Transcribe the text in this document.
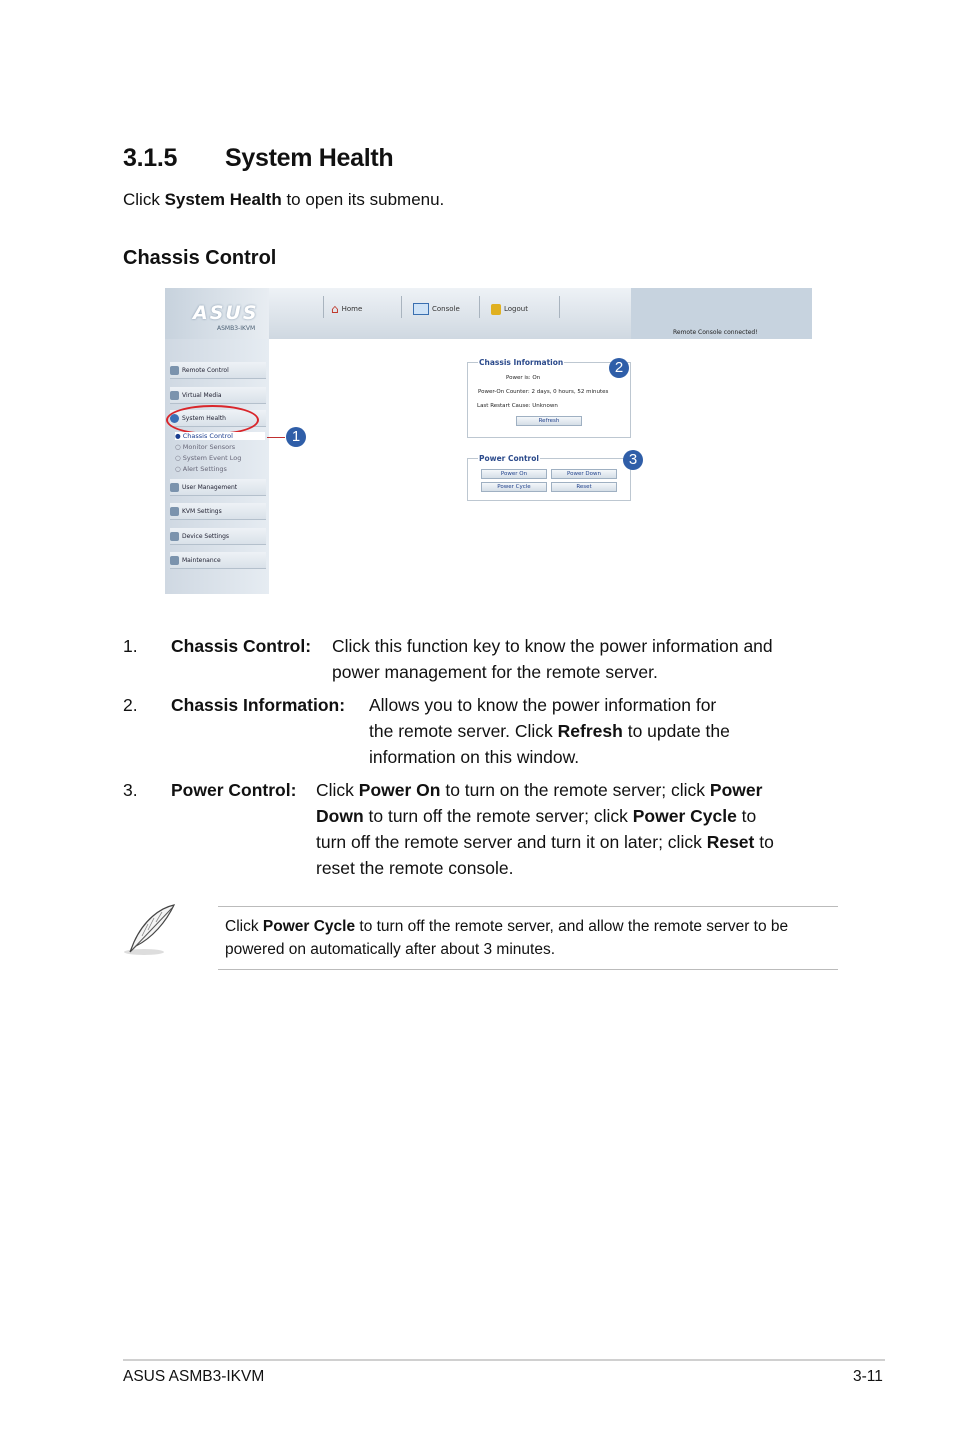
3.1.5 System Health
Click System Health to open its submenu.
Chassis Control
ASUS
ASMB3-IKVM
⌂ Home	Console	Logout
Remote Console connected!
Remote Control
Virtual Media
System Health
● Chassis Control
○ Monitor Sensors
○ System Event Log
○ Alert Settings
User Management
KVM Settings
Device Settings
Maintenance
Chassis Information
Power is: On
Power-On Counter: 2 days, 0 hours, 52 minutes
Last Restart Cause: Unknown
Refresh
Power Control
Power On	Power Down
Power Cycle	Reset
1
2
3
1. Chassis Control: Click this function key to know the power information and
power management for the remote server.
2. Chassis Information: Allows you to know the power information for
the remote server. Click Refresh to update the
information on this window.
3. Power Control: Click Power On to turn on the remote server; click Power
Down to turn off the remote server; click Power Cycle to
turn off the remote server and turn it on later; click Reset to
reset the remote console.
Click Power Cycle to turn off the remote server, and allow the remote server to be powered on automatically after about 3 minutes.
ASUS ASMB3-IKVM	3-11
